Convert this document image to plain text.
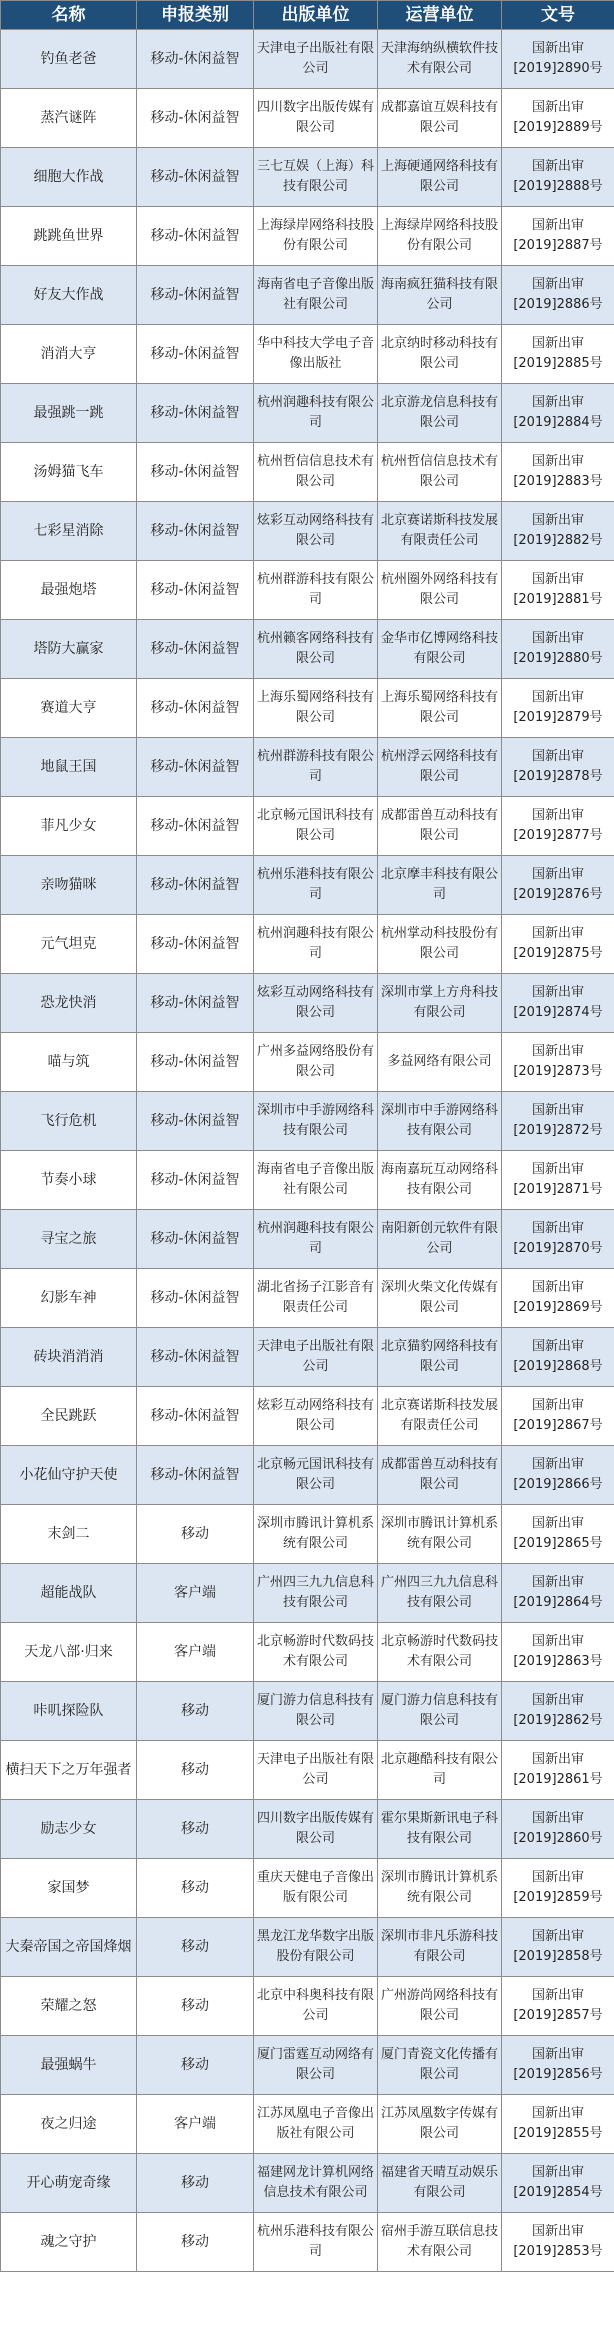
名称	申报类别	出版单位	运营单位	文号
钓鱼老爸	移动-休闲益智	天津电子出版社有限公司	天津海纳纵横软件技术有限公司	国新出审[2019]2890号
蒸汽谜阵	移动-休闲益智	四川数字出版传媒有限公司	成都嘉谊互娱科技有限公司	国新出审[2019]2889号
细胞大作战	移动-休闲益智	三七互娱（上海）科技有限公司	上海硬通网络科技有限公司	国新出审[2019]2888号
跳跳鱼世界	移动-休闲益智	上海绿岸网络科技股份有限公司	上海绿岸网络科技股份有限公司	国新出审[2019]2887号
好友大作战	移动-休闲益智	海南省电子音像出版社有限公司	海南疯狂猫科技有限公司	国新出审[2019]2886号
消消大亨	移动-休闲益智	华中科技大学电子音像出版社	北京纳时移动科技有限公司	国新出审[2019]2885号
最强跳一跳	移动-休闲益智	杭州润趣科技有限公司	北京游龙信息科技有限公司	国新出审[2019]2884号
汤姆猫飞车	移动-休闲益智	杭州哲信信息技术有限公司	杭州哲信信息技术有限公司	国新出审[2019]2883号
七彩星消除	移动-休闲益智	炫彩互动网络科技有限公司	北京赛诺斯科技发展有限责任公司	国新出审[2019]2882号
最强炮塔	移动-休闲益智	杭州群游科技有限公司	杭州圈外网络科技有限公司	国新出审[2019]2881号
塔防大赢家	移动-休闲益智	杭州籁客网络科技有限公司	金华市亿博网络科技有限公司	国新出审[2019]2880号
赛道大亨	移动-休闲益智	上海乐蜀网络科技有限公司	上海乐蜀网络科技有限公司	国新出审[2019]2879号
地鼠王国	移动-休闲益智	杭州群游科技有限公司	杭州浮云网络科技有限公司	国新出审[2019]2878号
菲凡少女	移动-休闲益智	北京畅元国讯科技有限公司	成都雷兽互动科技有限公司	国新出审[2019]2877号
亲吻猫咪	移动-休闲益智	杭州乐港科技有限公司	北京摩丰科技有限公司	国新出审[2019]2876号
元气坦克	移动-休闲益智	杭州润趣科技有限公司	杭州掌动科技股份有限公司	国新出审[2019]2875号
恐龙快消	移动-休闲益智	炫彩互动网络科技有限公司	深圳市掌上方舟科技有限公司	国新出审[2019]2874号
喵与筑	移动-休闲益智	广州多益网络股份有限公司	多益网络有限公司	国新出审[2019]2873号
飞行危机	移动-休闲益智	深圳市中手游网络科技有限公司	深圳市中手游网络科技有限公司	国新出审[2019]2872号
节奏小球	移动-休闲益智	海南省电子音像出版社有限公司	海南嘉玩互动网络科技有限公司	国新出审[2019]2871号
寻宝之旅	移动-休闲益智	杭州润趣科技有限公司	南阳新创元软件有限公司	国新出审[2019]2870号
幻影车神	移动-休闲益智	湖北省扬子江影音有限责任公司	深圳火柴文化传媒有限公司	国新出审[2019]2869号
砖块消消消	移动-休闲益智	天津电子出版社有限公司	北京猫豹网络科技有限公司	国新出审[2019]2868号
全民跳跃	移动-休闲益智	炫彩互动网络科技有限公司	北京赛诺斯科技发展有限责任公司	国新出审[2019]2867号
小花仙守护天使	移动-休闲益智	北京畅元国讯科技有限公司	成都雷兽互动科技有限公司	国新出审[2019]2866号
末剑二	移动	深圳市腾讯计算机系统有限公司	深圳市腾讯计算机系统有限公司	国新出审[2019]2865号
超能战队	客户端	广州四三九九信息科技有限公司	广州四三九九信息科技有限公司	国新出审[2019]2864号
天龙八部·归来	客户端	北京畅游时代数码技术有限公司	北京畅游时代数码技术有限公司	国新出审[2019]2863号
咔叽探险队	移动	厦门游力信息科技有限公司	厦门游力信息科技有限公司	国新出审[2019]2862号
横扫天下之万年强者	移动	天津电子出版社有限公司	北京趣酷科技有限公司	国新出审[2019]2861号
励志少女	移动	四川数字出版传媒有限公司	霍尔果斯新讯电子科技有限公司	国新出审[2019]2860号
家国梦	移动	重庆天健电子音像出版有限公司	深圳市腾讯计算机系统有限公司	国新出审[2019]2859号
大秦帝国之帝国烽烟	移动	黑龙江龙华数字出版股份有限公司	深圳市非凡乐游科技有限公司	国新出审[2019]2858号
荣耀之怒	移动	北京中科奥科技有限公司	广州游尚网络科技有限公司	国新出审[2019]2857号
最强蜗牛	移动	厦门雷霆互动网络有限公司	厦门青瓷文化传播有限公司	国新出审[2019]2856号
夜之归途	客户端	江苏凤凰电子音像出版社有限公司	江苏凤凰数字传媒有限公司	国新出审[2019]2855号
开心萌宠奇缘	移动	福建网龙计算机网络信息技术有限公司	福建省天晴互动娱乐有限公司	国新出审[2019]2854号
魂之守护	移动	杭州乐港科技有限公司	宿州手游互联信息技术有限公司	国新出审[2019]2853号
